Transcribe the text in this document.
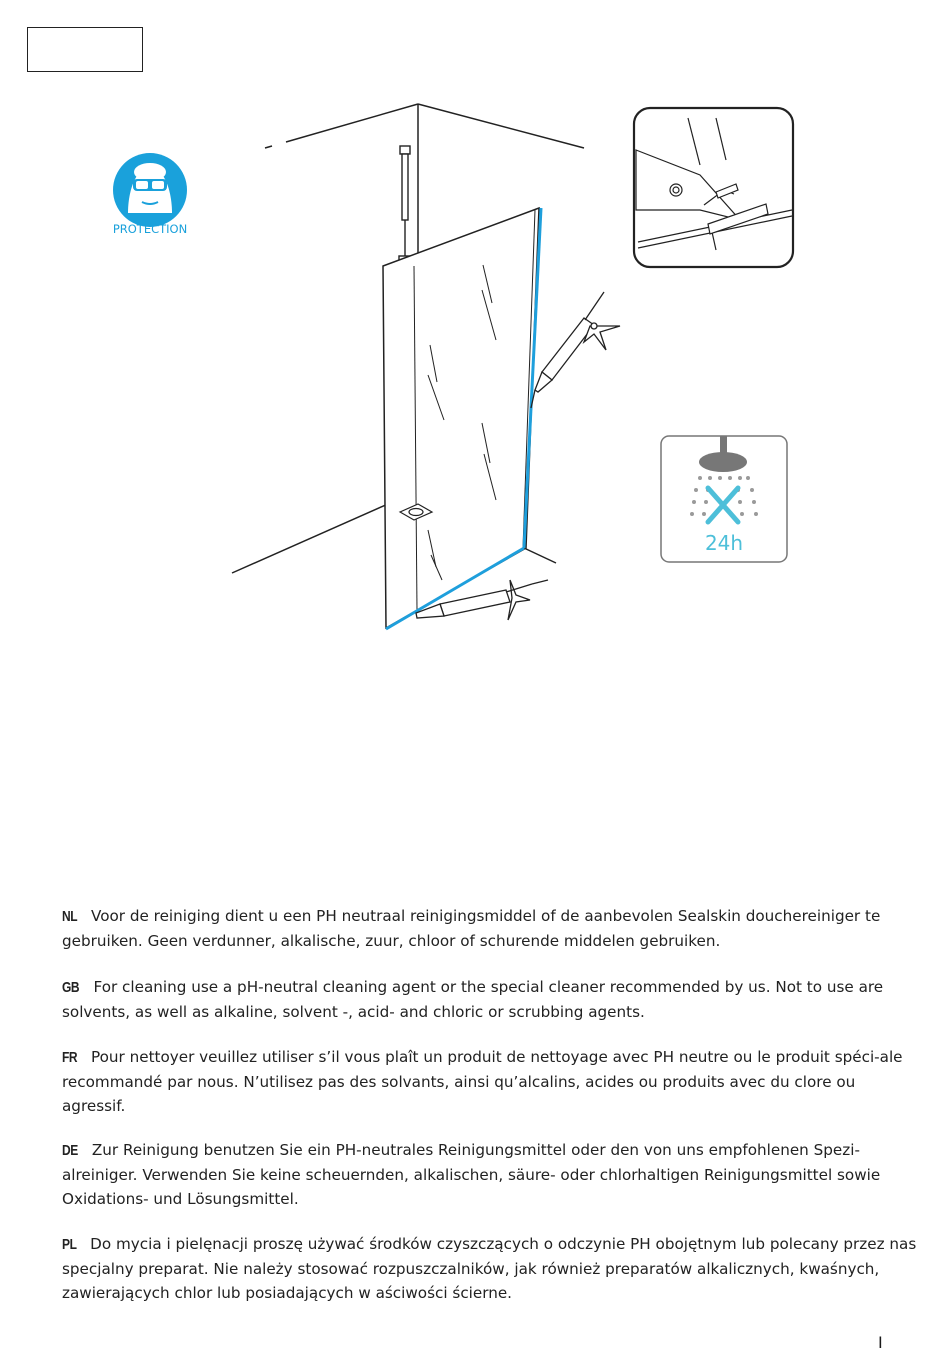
24h
PROTECTION
NL Voor de reiniging dient u een PH neutraal reinigingsmiddel of de aanbevolen Sealskin douchereiniger te gebruiken. Geen verdunner, alkalische, zuur, chloor of schurende middelen gebruiken.
GB For cleaning use a pH-neutral cleaning agent or the special cleaner recommended by us. Not to use are solvents, as well as alkaline, solvent -, acid- and chloric or scrubbing agents.
FR Pour nettoyer veuillez utiliser s’il vous plaît un produit de nettoyage avec PH neutre ou le produit spéci-ale recommandé par nous. N’utilisez pas des solvants, ainsi qu’alcalins, acides ou produits avec du clore ou agressif.
DE Zur Reinigung benutzen Sie ein PH-neutrales Reinigungsmittel oder den von uns empfohlenen Spezi-alreiniger. Verwenden Sie keine scheuernden, alkalischen, säure- oder chlorhaltigen Reinigungsmittel sowie Oxidations- und Lösungsmittel.
PL Do mycia i pielęnacji proszę używać środków czyszczących o odczynie PH obojętnym lub polecany przez nas specjalny preparat. Nie należy stosować rozpuszczalników, jak również preparatów alkalicznych, kwaśnych, zawierających chlor lub posiadających w aściwości ścierne.
I
